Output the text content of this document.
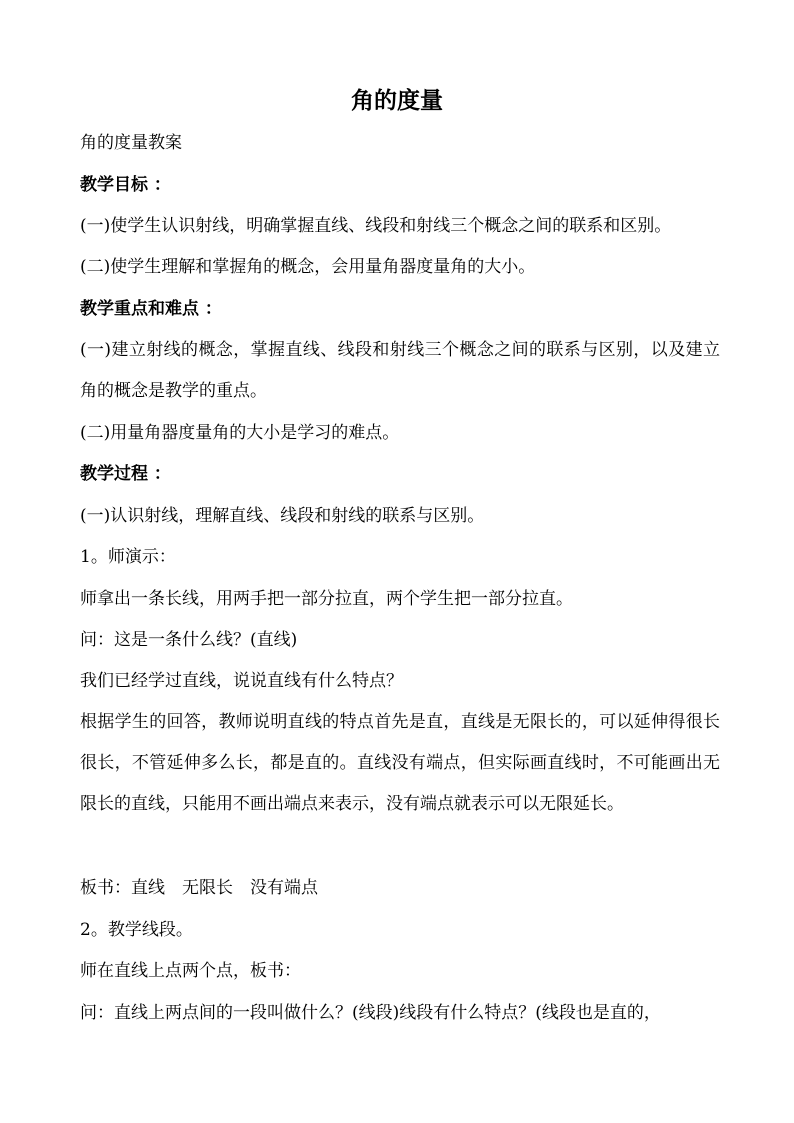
角的度量

角的度量教案

教学目标 ：

(一)使学生认识射线，明确掌握直线、线段和射线三个概念之间的联系和区别。

(二)使学生理解和掌握角的概念，会用量角器度量角的大小。

教学重点和难点 ：

(一)建立射线的概念，掌握直线、线段和射线三个概念之间的联系与区别，以及建立角的概念是教学的重点。

(二)用量角器度量角的大小是学习的难点。

教学过程 ：

(一)认识射线，理解直线、线段和射线的联系与区别。

1。师演示：

师拿出一条长线，用两手把一部分拉直，两个学生把一部分拉直。

问：这是一条什么线？(直线)

我们已经学过直线，说说直线有什么特点？

根据学生的回答，教师说明直线的特点首先是直，直线是无限长的，可以延伸得很长很长，不管延伸多么长，都是直的。直线没有端点，但实际画直线时，不可能画出无限长的直线，只能用不画出端点来表示，没有端点就表示可以无限延长。

板书：直线　无限长　没有端点

2。教学线段。

师在直线上点两个点，板书：

问：直线上两点间的一段叫做什么？(线段)线段有什么特点？(线段也是直的，
